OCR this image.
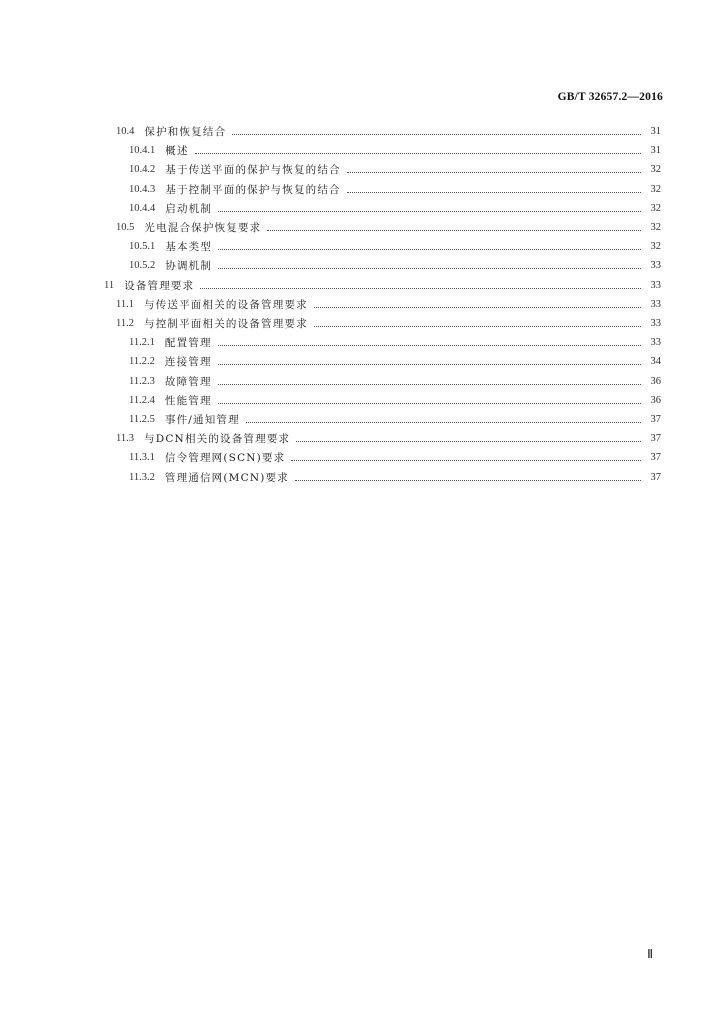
GB/T 32657.2—2016
10.4 保护和恢复结合	31
10.4.1 概述	31
10.4.2 基于传送平面的保护与恢复的结合	32
10.4.3 基于控制平面的保护与恢复的结合	32
10.4.4 启动机制	32
10.5 光电混合保护恢复要求	32
10.5.1 基本类型	32
10.5.2 协调机制	33
11 设备管理要求	33
11.1 与传送平面相关的设备管理要求	33
11.2 与控制平面相关的设备管理要求	33
11.2.1 配置管理	33
11.2.2 连接管理	34
11.2.3 故障管理	36
11.2.4 性能管理	36
11.2.5 事件/通知管理	37
11.3 与DCN相关的设备管理要求	37
11.3.1 信令管理网(SCN)要求	37
11.3.2 管理通信网(MCN)要求	37
Ⅱ
